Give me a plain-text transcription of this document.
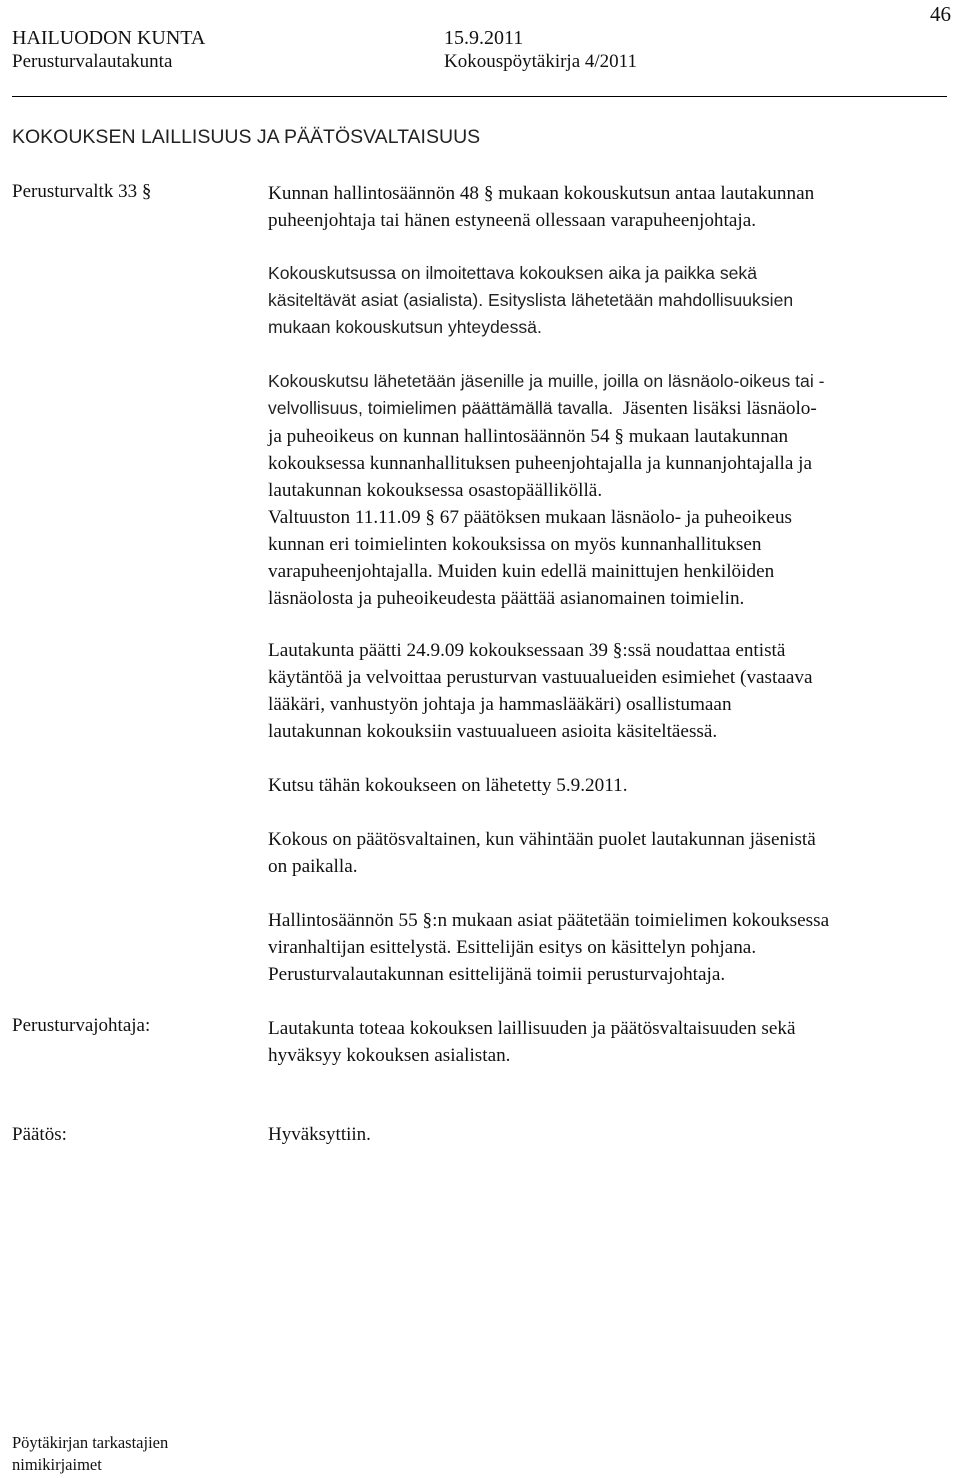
HAILUODON KUNTA	15.9.2011
46
Perusturvalautakunta	Kokouspöytäkirja 4/2011
KOKOUKSEN LAILLISUUS JA PÄÄTÖSVALTAISUUS
Perusturvaltk 33 §	Kunnan hallintosäännön 48 § mukaan kokouskutsun antaa lautakunnan
puheenjohtaja tai hänen estyneenä ollessaan varapuheenjohtaja.
Kokouskutsussa on ilmoitettava kokouksen aika ja paikka sekä
käsiteltävät asiat (asialista). Esityslista lähetetään mahdollisuuksien
mukaan kokouskutsun yhteydessä.
Kokouskutsu lähetetään jäsenille ja muille, joilla on läsnäolo-oikeus tai -
velvollisuus, toimielimen päättämällä tavalla.  Jäsenten lisäksi läsnäolo-
ja puheoikeus on kunnan hallintosäännön 54 § mukaan lautakunnan
kokouksessa kunnanhallituksen puheenjohtajalla ja kunnanjohtajalla ja
lautakunnan kokouksessa osastopäälliköllä.
Valtuuston 11.11.09 § 67 päätöksen mukaan läsnäolo- ja puheoikeus
kunnan eri toimielinten kokouksissa on myös kunnanhallituksen
varapuheenjohtajalla. Muiden kuin edellä mainittujen henkilöiden
läsnäolosta ja puheoikeudesta päättää asianomainen toimielin.
Lautakunta päätti 24.9.09 kokouksessaan 39 §:ssä noudattaa entistä
käytäntöä ja velvoittaa perusturvan vastuualueiden esimiehet (vastaava
lääkäri, vanhustyön johtaja ja hammaslääkäri) osallistumaan
lautakunnan kokouksiin vastuualueen asioita käsiteltäessä.
Kutsu tähän kokoukseen on lähetetty 5.9.2011.
Kokous on päätösvaltainen, kun vähintään puolet lautakunnan jäsenistä
on paikalla.
Hallintosäännön 55 §:n mukaan asiat päätetään toimielimen kokouksessa
viranhaltijan esittelystä. Esittelijän esitys on käsittelyn pohjana.
Perusturvalautakunnan esittelijänä toimii perusturvajohtaja.
Perusturvajohtaja:	Lautakunta toteaa kokouksen laillisuuden ja päätösvaltaisuuden sekä
hyväksyy kokouksen asialistan.
Päätös:	Hyväksyttiin.
Pöytäkirjan tarkastajien
nimikirjaimet
